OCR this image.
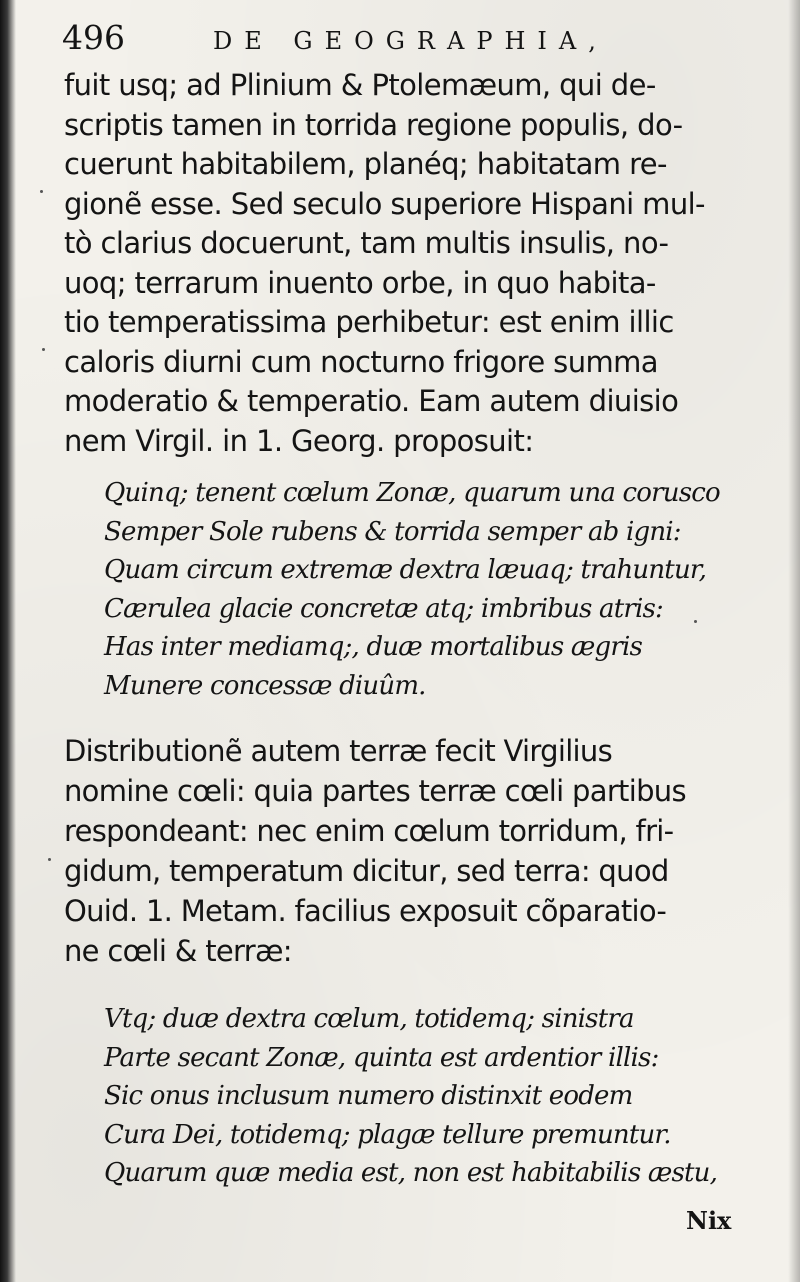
496	DE GEOGRAPHIA,
fuit usq; ad Plinium & Ptolemæum, qui de-
scriptis tamen in torrida regione populis, do-
cuerunt habitabilem, planéq; habitatam re-
gionẽ esse. Sed seculo superiore Hispani mul-
tò clarius docuerunt, tam multis insulis, no-
uoq; terrarum inuento orbe, in quo habita-
tio temperatissima perhibetur: est enim illic
caloris diurni cum nocturno frigore summa
moderatio & temperatio. Eam autem diuisio
nem Virgil. in 1. Georg. proposuit:
Quinq; tenent cœlum Zonæ, quarum una corusco
Semper Sole rubens & torrida semper ab igni:
Quam circum extremæ dextra læuaq; trahuntur,
Cærulea glacie concretæ atq; imbribus atris:
Has inter mediamq;, duæ mortalibus ægris
Munere concessæ diuûm.
Distributionẽ autem terræ fecit Virgilius
nomine cœli: quia partes terræ cœli partibus
respondeant: nec enim cœlum torridum, fri-
gidum, temperatum dicitur, sed terra: quod
Ouid. 1. Metam. facilius exposuit cõparatio-
ne cœli & terræ:
Vtq; duæ dextra cœlum, totidemq; sinistra
Parte secant Zonæ, quinta est ardentior illis:
Sic onus inclusum numero distinxit eodem
Cura Dei, totidemq; plagæ tellure premuntur.
Quarum quæ media est, non est habitabilis æstu,
Nix
